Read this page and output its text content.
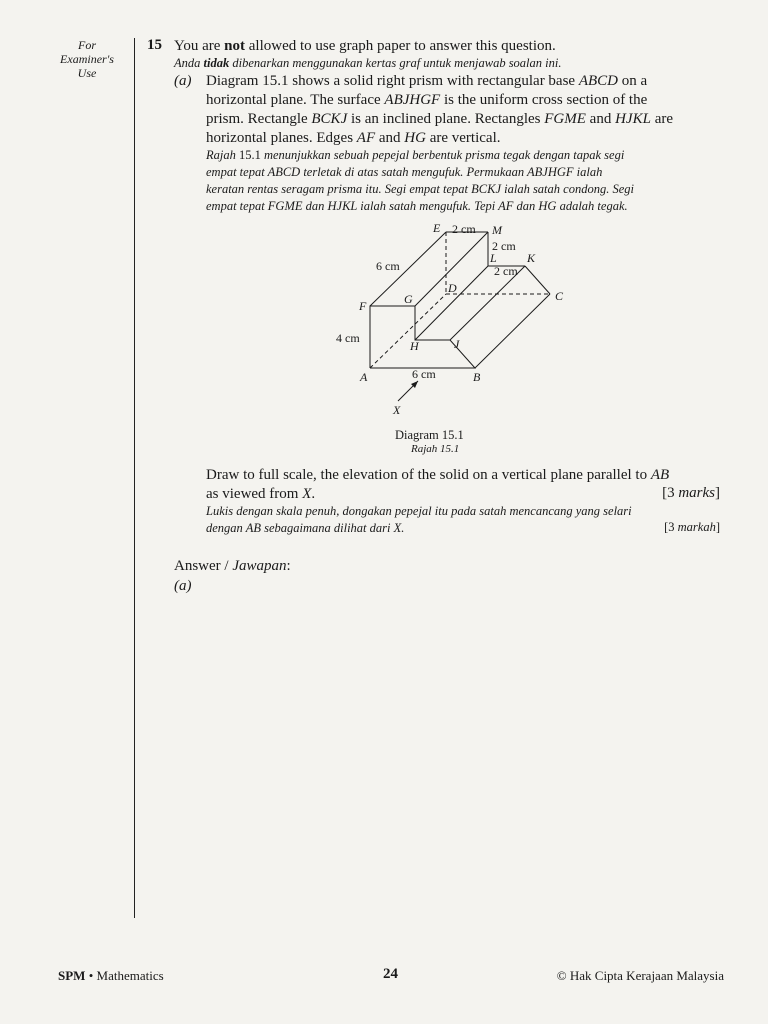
For
Examiner's
Use
15 You are not allowed to use graph paper to answer this question.
Anda tidak dibenarkan menggunakan kertas graf untuk menjawab soalan ini.
(a) Diagram 15.1 shows a solid right prism with rectangular base ABCD on a
horizontal plane. The surface ABJHGF is the uniform cross section of the
prism. Rectangle BCKJ is an inclined plane. Rectangles FGME and HJKL are
horizontal planes. Edges AF and HG are vertical.
Rajah 15.1 menunjukkan sebuah pepejal berbentuk prisma tegak dengan tapak segi
empat tepat ABCD terletak di atas satah mengufuk. Permukaan ABJHGF ialah
keratan rentas seragam prisma itu. Segi empat tepat BCKJ ialah satah condong. Segi
empat tepat FGME dan HJKL ialah satah mengufuk. Tepi AF dan HG adalah tegak.
A	B
C
D
E
F	G
H	J
K
L
M
X
2 cm
2 cm
2 cm
6 cm
4 cm
6 cm
Diagram 15.1
Rajah 15.1
Draw to full scale, the elevation of the solid on a vertical plane parallel to AB
as viewed from X.	[3 marks]
Lukis dengan skala penuh, dongakan pepejal itu pada satah mencancang yang selari
dengan AB sebagaimana dilihat dari X.	[3 markah]
Answer / Jawapan:
(a)
SPM • Mathematics	24	© Hak Cipta Kerajaan Malaysia
